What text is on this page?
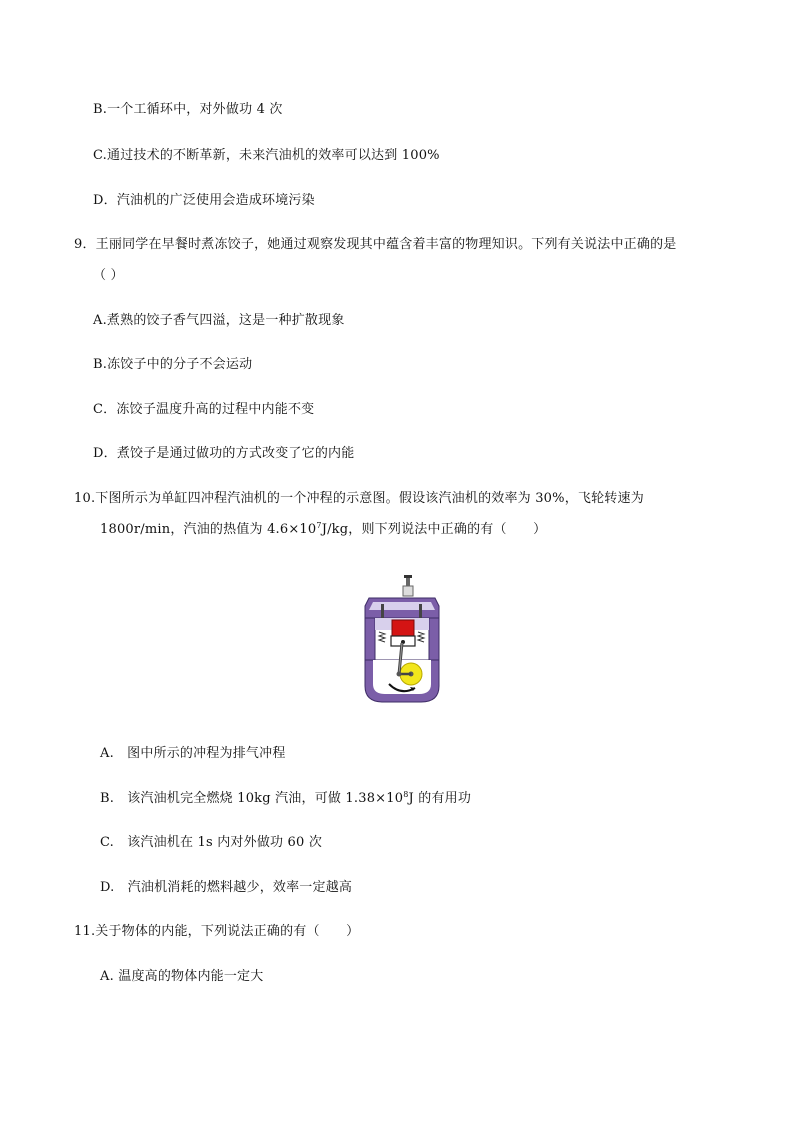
B.一个工循环中，对外做功 4 次
C.通过技术的不断革新，未来汽油机的效率可以达到 100%
D．汽油机的广泛使用会造成环境污染
9．王丽同学在早餐时煮冻饺子，她通过观察发现其中蕴含着丰富的物理知识。下列有关说法中正确的是
（ ）
A.煮熟的饺子香气四溢，这是一种扩散现象
B.冻饺子中的分子不会运动
C．冻饺子温度升高的过程中内能不变
D．煮饺子是通过做功的方式改变了它的内能
10.下图所示为单缸四冲程汽油机的一个冲程的示意图。假设该汽油机的效率为 30%，飞轮转速为
1800r/min，汽油的热值为 $4.6\times 10^7J/kg$，则下列说法中正确的有（　　）
A.　图中所示的冲程为排气冲程
B.　该汽油机完全燃烧 10kg 汽油，可做 $1.38\times 10^8J$ 的有用功
C.　该汽油机在 1s 内对外做功 60 次
D.　汽油机消耗的燃料越少，效率一定越高
11.关于物体的内能，下列说法正确的有（　　）
A. 温度高的物体内能一定大
